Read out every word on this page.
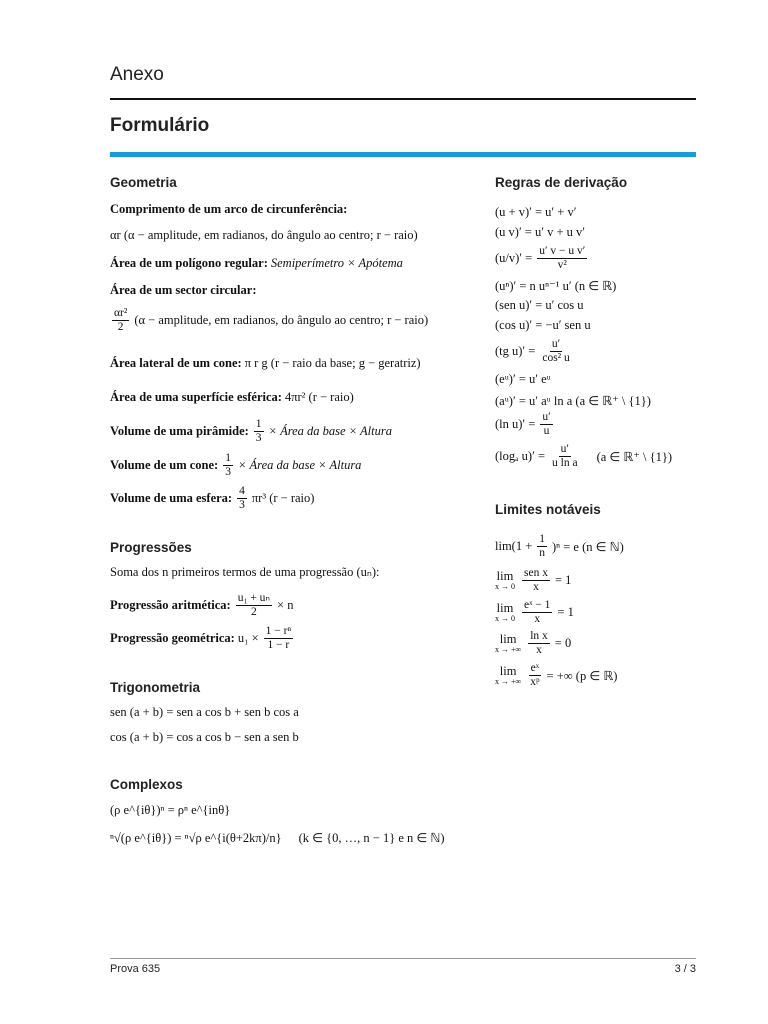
Anexo
Formulário
Geometria
Comprimento de um arco de circunferência:
αr (α − amplitude, em radianos, do ângulo ao centro; r − raio)
Área de um polígono regular: Semiperímetro × Apótema
Área de um sector circular:
$\frac{\text{αr²}}{2} (\alpha$ − amplitude, em radianos, do ângulo ao centro; r − raio)
Área lateral de um cone: π r g (r − raio da base; g − geratriz)
Área de uma superfície esférica: 4πr² (r − raio)
Volume de uma pirâmide: $\frac{1}{3}$ × Área da base × Altura
Volume de um cone: $\frac{1}{3}$ × Área da base × Altura
Volume de uma esfera: $\frac{4}{3} \pi r^3$ (r − raio)
Progressões
Soma dos n primeiros termos de uma progressão (uₙ):
Progressão aritmética: $\frac{\text{u₁ + uₙ}}{2} \times n$
Progressão geométrica: $u_1 \times \frac{\text{1 − rⁿ}}{1 - r}$
Trigonometria
sen (a + b) = sen a cos b + sen b cos a
cos (a + b) = cos a cos b − sen a sen b
Complexos
(ρ e^{iθ})ⁿ = ρⁿ e^{inθ}
ⁿ√(ρ e^{iθ}) = ⁿ√ρ e^{i(θ+2kπ)/n} (k ∈ {0, …, n − 1} e n ∈ ℕ)
Regras de derivação
(u + v)′ = u′ + v′
(u v)′ = u′ v + u v′
$(u/v)' = \frac{\text{u′ v − u v′}}{\text{v²}}$
(uⁿ)′ = n uⁿ⁻¹ u′ (n ∈ ℝ)
(sen u)′ = u′ cos u
(cos u)′ = −u′ sen u
(tg $u)' = \frac{u'}{\text{cos² u}}$
(eᵘ)′ = u′ eᵘ
(aᵘ)′ = u′ aᵘ ln a (a ∈ ℝ⁺ \ {1})
(ln $u)' = \frac{u'}{u}$
(logₐ $u)' = \frac{u'}{\text{u ln a}} (a$ ∈ ℝ⁺ \ {1})
Limites notáveis
$\lim(1 + \frac{1}{n} )^n = e$ (n ∈ ℕ)
lim
$x \to 0 \frac{\text{sen x}}{x} = 1$
lim
$x \to 0 \frac{\text{eˣ − 1}}{x} = 1$
lim
x → +∞ $\frac{\text{ln x}}{x} = 0$
lim
x → +∞ $\frac{\text{eˣ}}{\text{xᵖ}}$ = +∞ (p ∈ ℝ)
Prova 635	3 / 3
